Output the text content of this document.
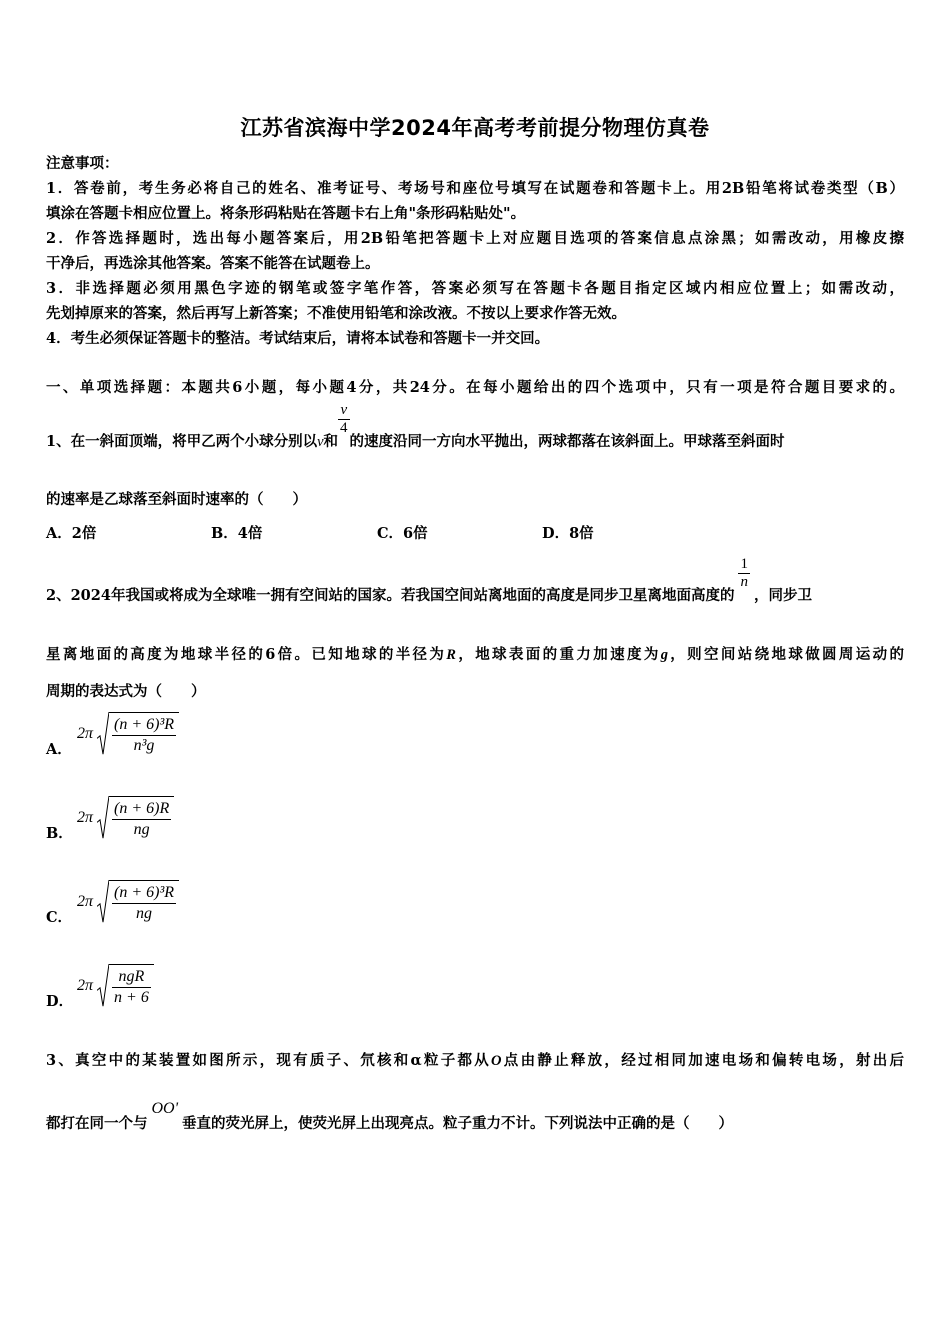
江苏省滨海中学2024年高考考前提分物理仿真卷
注意事项：
1．答卷前，考生务必将自己的姓名、准考证号、考场号和座位号填写在试题卷和答题卡上。用2B铅笔将试卷类型（B）
填涂在答题卡相应位置上。将条形码粘贴在答题卡右上角"条形码粘贴处"。
2．作答选择题时，选出每小题答案后，用2B铅笔把答题卡上对应题目选项的答案信息点涂黑；如需改动，用橡皮擦
干净后，再选涂其他答案。答案不能答在试题卷上。
3．非选择题必须用黑色字迹的钢笔或签字笔作答，答案必须写在答题卡各题目指定区域内相应位置上；如需改动，
先划掉原来的答案，然后再写上新答案；不准使用铅笔和涂改液。不按以上要求作答无效。
4．考生必须保证答题卡的整洁。考试结束后，请将本试卷和答题卡一并交回。
一、单项选择题：本题共6小题，每小题4分，共24分。在每小题给出的四个选项中，只有一项是符合题目要求的。
1、在一斜面顶端，将甲乙两个小球分别以v和
$\frac{v}{4}$
的速度沿同一方向水平抛出，两球都落在该斜面上。甲球落至斜面时
的速率是乙球落至斜面时速率的（　　）
A．2倍	B．4倍	C．6倍	D．8倍
2、2024年我国或将成为全球唯一拥有空间站的国家。若我国空间站离地面的高度是同步卫星离地面高度的
$\frac{1}{n}$
，同步卫
星离地面的高度为地球半径的6倍。已知地球的半径为R，地球表面的重力加速度为g，则空间站绕地球做圆周运动的
周期的表达式为（　　）
A．
$2\pi \frac{\text{(n + 6)³R}}{\text{n³g}}$
B．
$2\pi \frac{(n + 6)R}{ng}$
C．
$2\pi \frac{\text{(n + 6)³R}}{ng}$
D．
2π
ngR
n + 6
3、真空中的某装置如图所示，现有质子、氘核和α粒子都从O点由静止释放，经过相同加速电场和偏转电场，射出后
都打在同一个与OO'垂直的荧光屏上，使荧光屏上出现亮点。粒子重力不计。下列说法中正确的是（　　）
